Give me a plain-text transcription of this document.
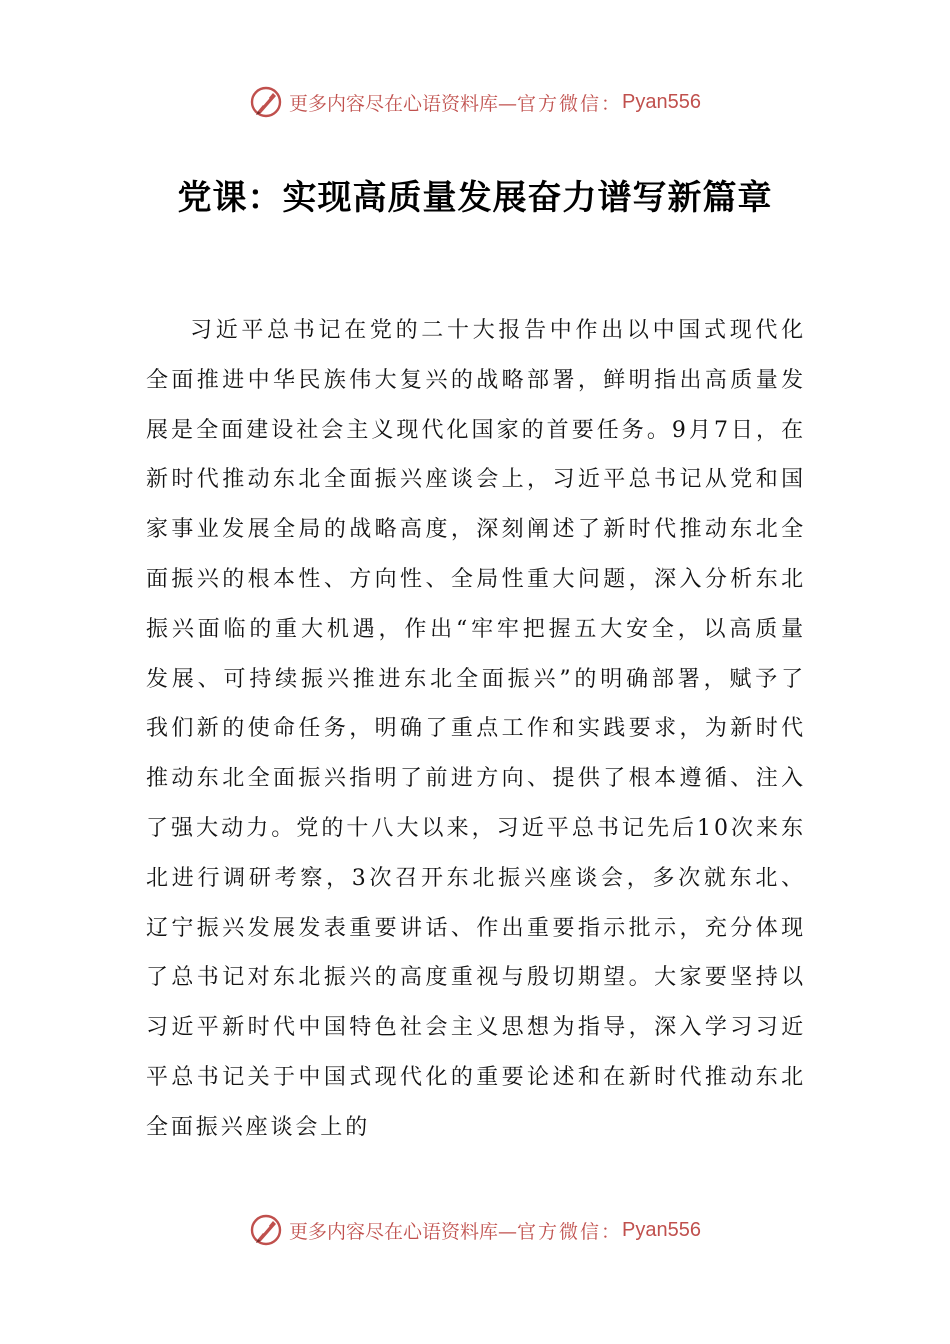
更多内容尽在心语资料库— 官方微信： Pyan556
党课：实现高质量发展奋力谱写新篇章

习近平总书记在党的二十大报告中作出以中国式现代化全面推进中华民族伟大复兴的战略部署，鲜明指出高质量发展是全面建设社会主义现代化国家的首要任务。9月7日，在新时代推动东北全面振兴座谈会上，习近平总书记从党和国家事业发展全局的战略高度，深刻阐述了新时代推动东北全面振兴的根本性、方向性、全局性重大问题，深入分析东北振兴面临的重大机遇，作出“牢牢把握五大安全，以高质量发展、可持续振兴推进东北全面振兴”的明确部署，赋予了我们新的使命任务，明确了重点工作和实践要求，为新时代推动东北全面振兴指明了前进方向、提供了根本遵循、注入了强大动力。党的十八大以来，习近平总书记先后10次来东北进行调研考察，3次召开东北振兴座谈会，多次就东北、辽宁振兴发展发表重要讲话、作出重要指示批示，充分体现了总书记对东北振兴的高度重视与殷切期望。大家要坚持以习近平新时代中国特色社会主义思想为指导，深入学习习近平总书记关于中国式现代化的重要论述和在新时代推动东北全面振兴座谈会上的

更多内容尽在心语资料库— 官方微信： Pyan556
